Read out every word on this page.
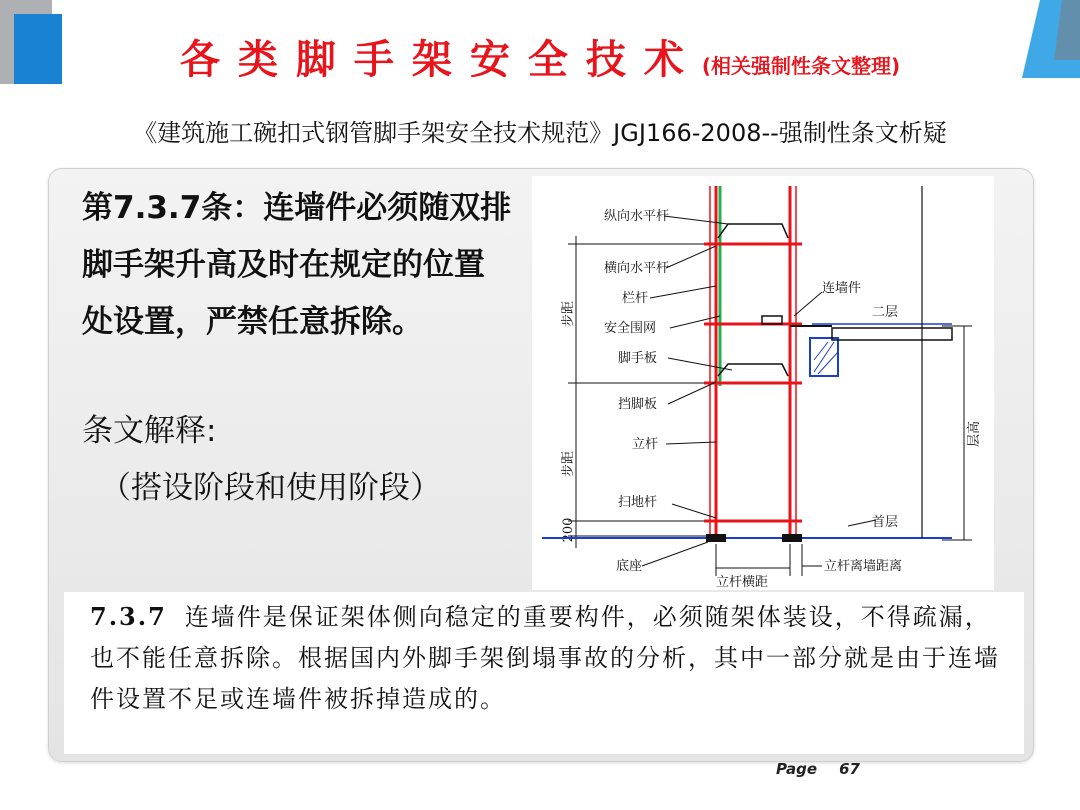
各类脚手架安全技术(相关强制性条文整理)
《建筑施工碗扣式钢管脚手架安全技术规范》JGJ166-2008--强制性条文析疑
第7.3.7条：连墙件必须随双排脚手架升高及时在规定的位置处设置，严禁任意拆除。
条文解释:
（搭设阶段和使用阶段）
步距
步距
200
层高
纵向水平杆
横向水平杆
栏杆
安全围网
脚手板
挡脚板
立杆
扫地杆
底座
连墙件
二层
首层
立杆横距
立杆离墙距离
7.3.7 连墙件是保证架体侧向稳定的重要构件，必须随架体装设，不得疏漏，也不能任意拆除。根据国内外脚手架倒塌事故的分析，其中一部分就是由于连墙件设置不足或连墙件被拆掉造成的。
Page 67
